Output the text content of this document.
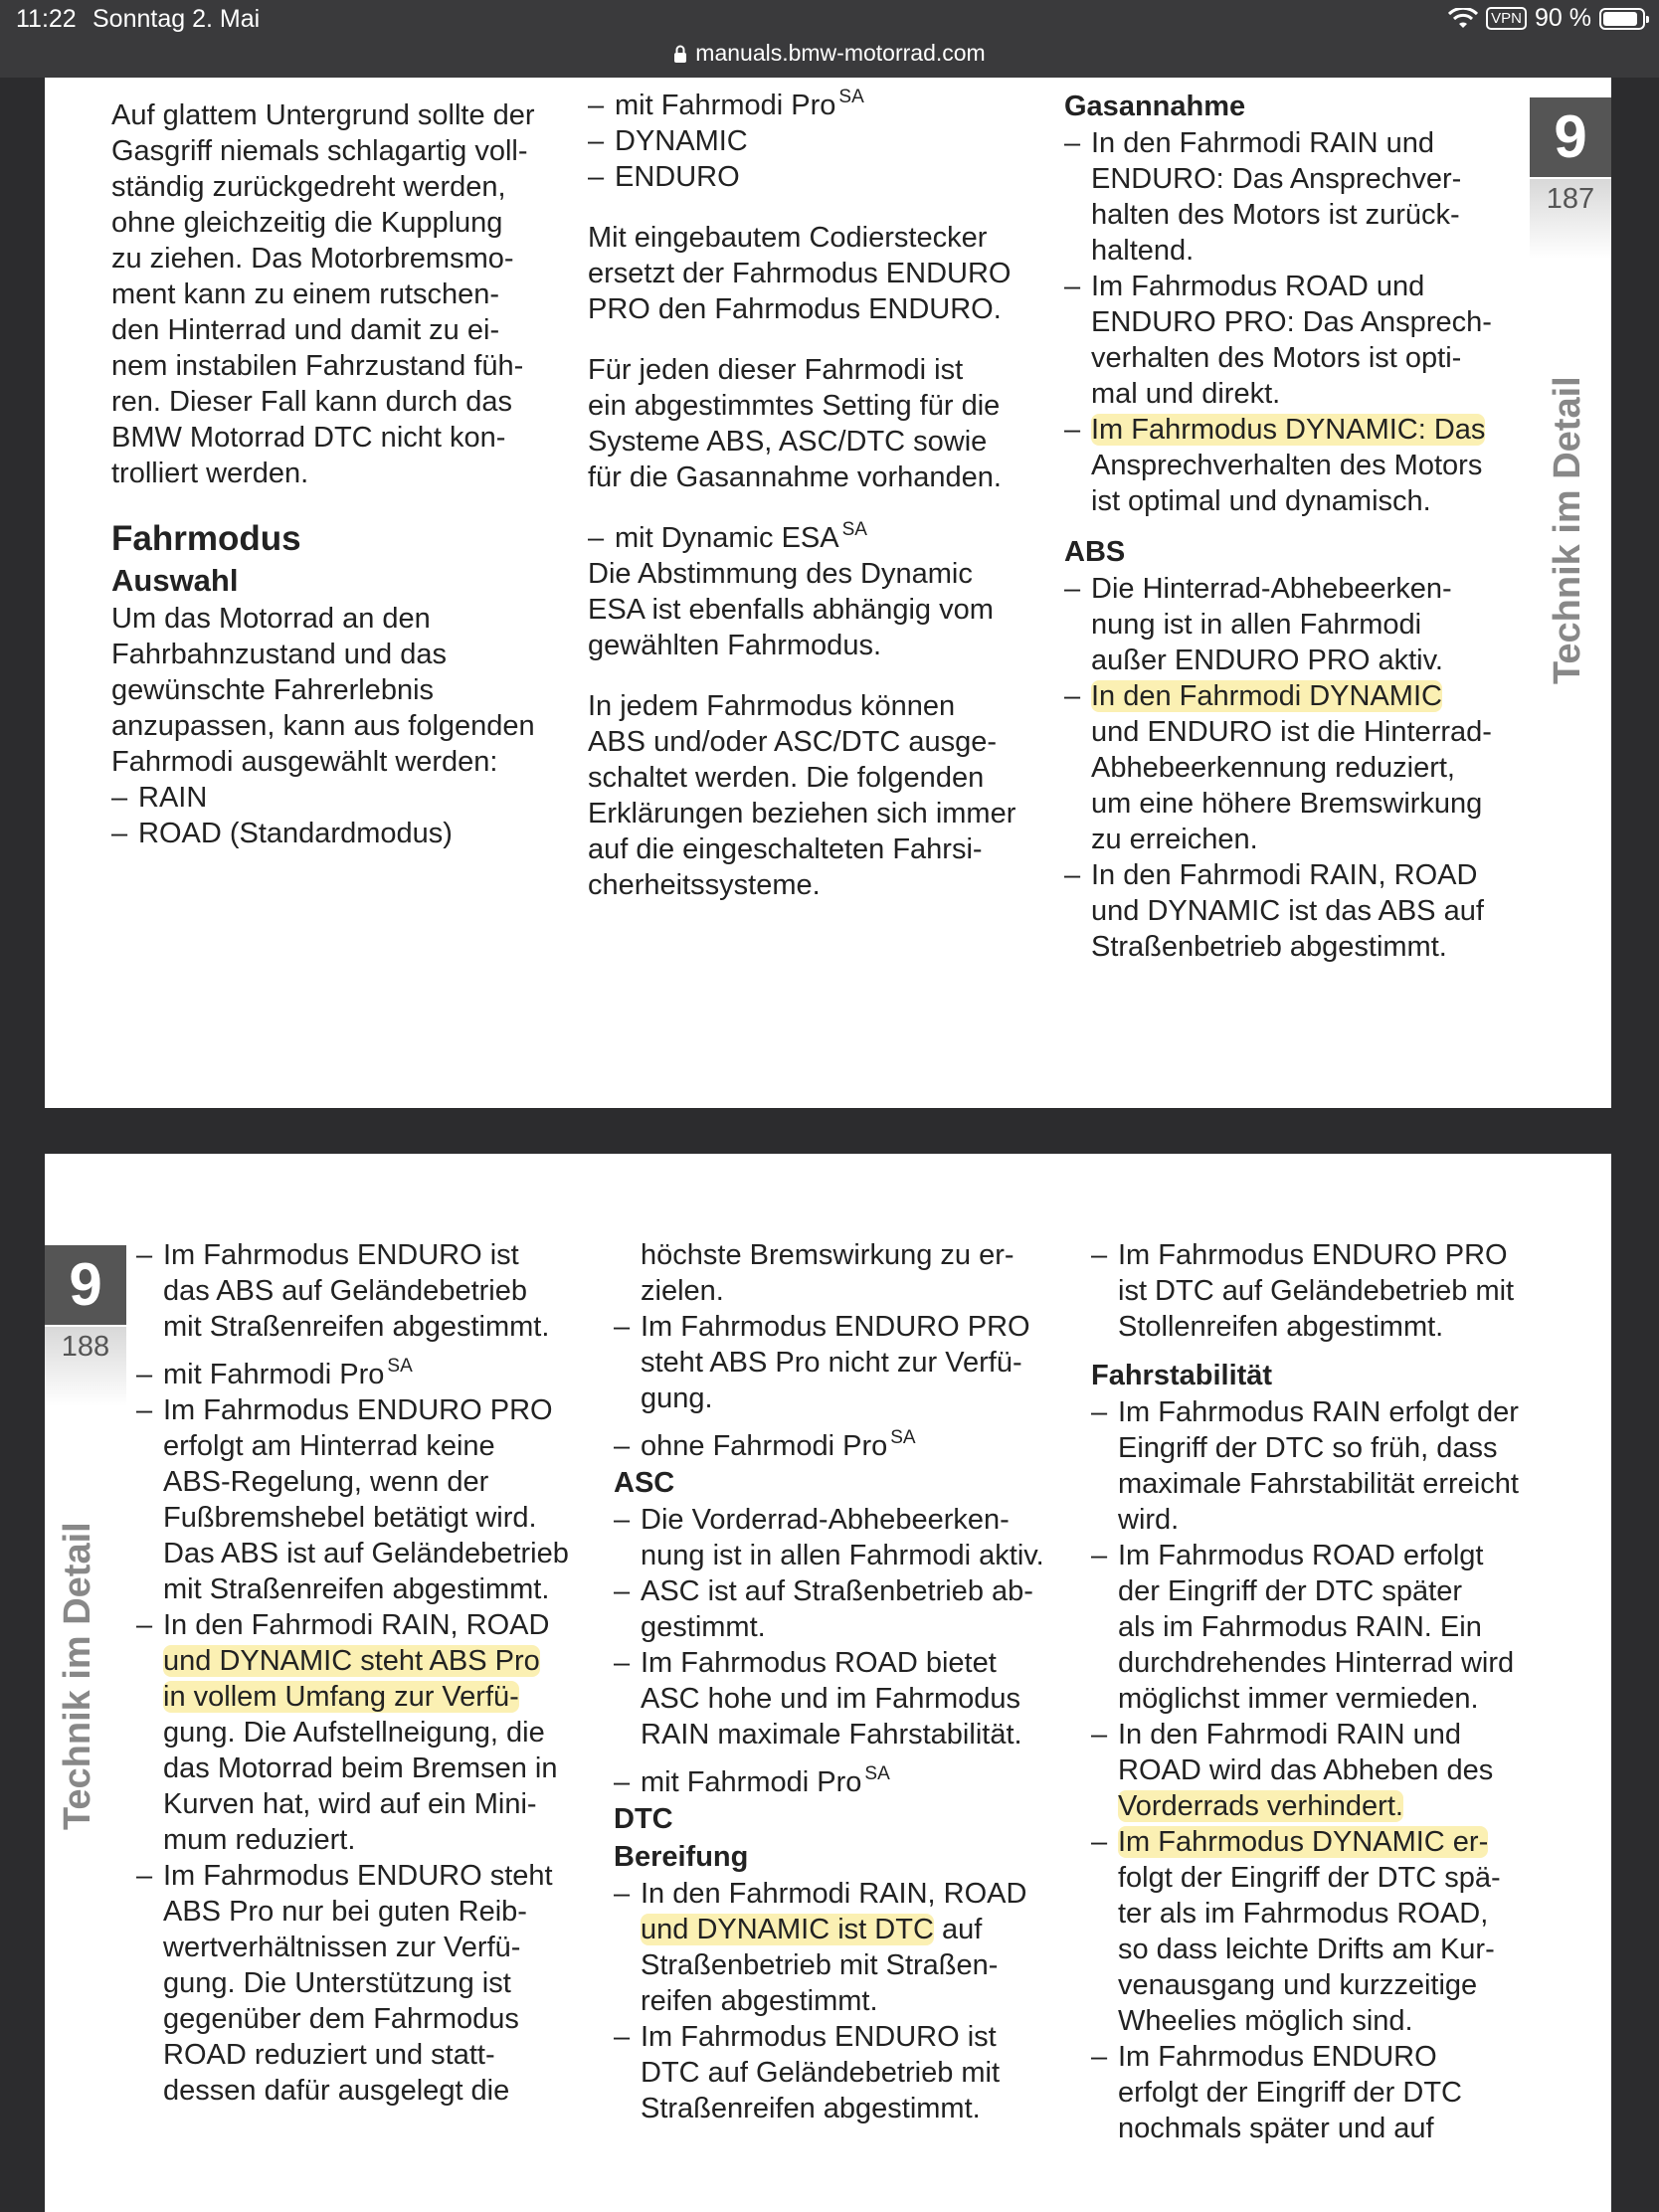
11:22 Sonntag 2. Mai	VPN 90 %
manuals.bmw-motorrad.com

Auf glattem Untergrund sollte der

Gasgriff niemals schlagartig voll-

ständig zurückgedreht werden,

ohne gleichzeitig die Kupplung

zu ziehen. Das Motorbremsmo-

ment kann zu einem rutschen-

den Hinterrad und damit zu ei-

nem instabilen Fahrzustand füh-

ren. Dieser Fall kann durch das

BMW Motorrad DTC nicht kon-

trolliert werden.

Fahrmodus

Auswahl

Um das Motorrad an den

Fahrbahnzustand und das

gewünschte Fahrerlebnis

anzupassen, kann aus folgenden

Fahrmodi ausgewählt werden:

– RAIN

– ROAD (Standardmodus)

– mit Fahrmodi Pro $^{SA}$

– DYNAMIC

– ENDURO

Mit eingebautem Codierstecker

ersetzt der Fahrmodus ENDURO

PRO den Fahrmodus ENDURO.

Für jeden dieser Fahrmodi ist

ein abgestimmtes Setting für die

Systeme ABS, ASC/DTC sowie

für die Gasannahme vorhanden.

– mit Dynamic ESA $^{SA}$

Die Abstimmung des Dynamic

ESA ist ebenfalls abhängig vom

gewählten Fahrmodus.

In jedem Fahrmodus können

ABS und/oder ASC/DTC ausge-

schaltet werden. Die folgenden

Erklärungen beziehen sich immer

auf die eingeschalteten Fahrsi-

cherheitssysteme.

Gasannahme

– In den Fahrmodi RAIN und

ENDURO: Das Ansprechver-

halten des Motors ist zurück-

haltend.

– Im Fahrmodus ROAD und

ENDURO PRO: Das Ansprech-

verhalten des Motors ist opti-

mal und direkt.

– Im Fahrmodus DYNAMIC: Das

Ansprechverhalten des Motors

ist optimal und dynamisch.

ABS

– Die Hinterrad-Abhebeerken-

nung ist in allen Fahrmodi

außer ENDURO PRO aktiv.

– In den Fahrmodi DYNAMIC

und ENDURO ist die Hinterrad-

Abhebeerkennung reduziert,

um eine höhere Bremswirkung

zu erreichen.

– In den Fahrmodi RAIN, ROAD

und DYNAMIC ist das ABS auf

Straßenbetrieb abgestimmt.

9
187
Technik im Detail
9
188
Technik im Detail

– Im Fahrmodus ENDURO ist

das ABS auf Geländebetrieb

mit Straßenreifen abgestimmt.

– mit Fahrmodi Pro $^{SA}$

– Im Fahrmodus ENDURO PRO

erfolgt am Hinterrad keine

ABS-Regelung, wenn der

Fußbremshebel betätigt wird.

Das ABS ist auf Geländebetrieb

mit Straßenreifen abgestimmt.

– In den Fahrmodi RAIN, ROAD

und DYNAMIC steht ABS Pro

in vollem Umfang zur Verfü-

gung. Die Aufstellneigung, die

das Motorrad beim Bremsen in

Kurven hat, wird auf ein Mini-

mum reduziert.

– Im Fahrmodus ENDURO steht

ABS Pro nur bei guten Reib-

wertverhältnissen zur Verfü-

gung. Die Unterstützung ist

gegenüber dem Fahrmodus

ROAD reduziert und statt-

dessen dafür ausgelegt die

höchste Bremswirkung zu er-

zielen.

– Im Fahrmodus ENDURO PRO

steht ABS Pro nicht zur Verfü-

gung.

– ohne Fahrmodi Pro $^{SA}$

ASC

– Die Vorderrad-Abhebeerken-

nung ist in allen Fahrmodi aktiv.

– ASC ist auf Straßenbetrieb ab-

gestimmt.

– Im Fahrmodus ROAD bietet

ASC hohe und im Fahrmodus

RAIN maximale Fahrstabilität.

– mit Fahrmodi Pro $^{SA}$

DTC

Bereifung

– In den Fahrmodi RAIN, ROAD

und DYNAMIC ist DTC auf

Straßenbetrieb mit Straßen-

reifen abgestimmt.

– Im Fahrmodus ENDURO ist

DTC auf Geländebetrieb mit

Straßenreifen abgestimmt.

– Im Fahrmodus ENDURO PRO

ist DTC auf Geländebetrieb mit

Stollenreifen abgestimmt.

Fahrstabilität

– Im Fahrmodus RAIN erfolgt der

Eingriff der DTC so früh, dass

maximale Fahrstabilität erreicht

wird.

– Im Fahrmodus ROAD erfolgt

der Eingriff der DTC später

als im Fahrmodus RAIN. Ein

durchdrehendes Hinterrad wird

möglichst immer vermieden.

– In den Fahrmodi RAIN und

ROAD wird das Abheben des

Vorderrads verhindert.

– Im Fahrmodus DYNAMIC er-

folgt der Eingriff der DTC spä-

ter als im Fahrmodus ROAD,

so dass leichte Drifts am Kur-

venausgang und kurzzeitige

Wheelies möglich sind.

– Im Fahrmodus ENDURO

erfolgt der Eingriff der DTC

nochmals später und auf
